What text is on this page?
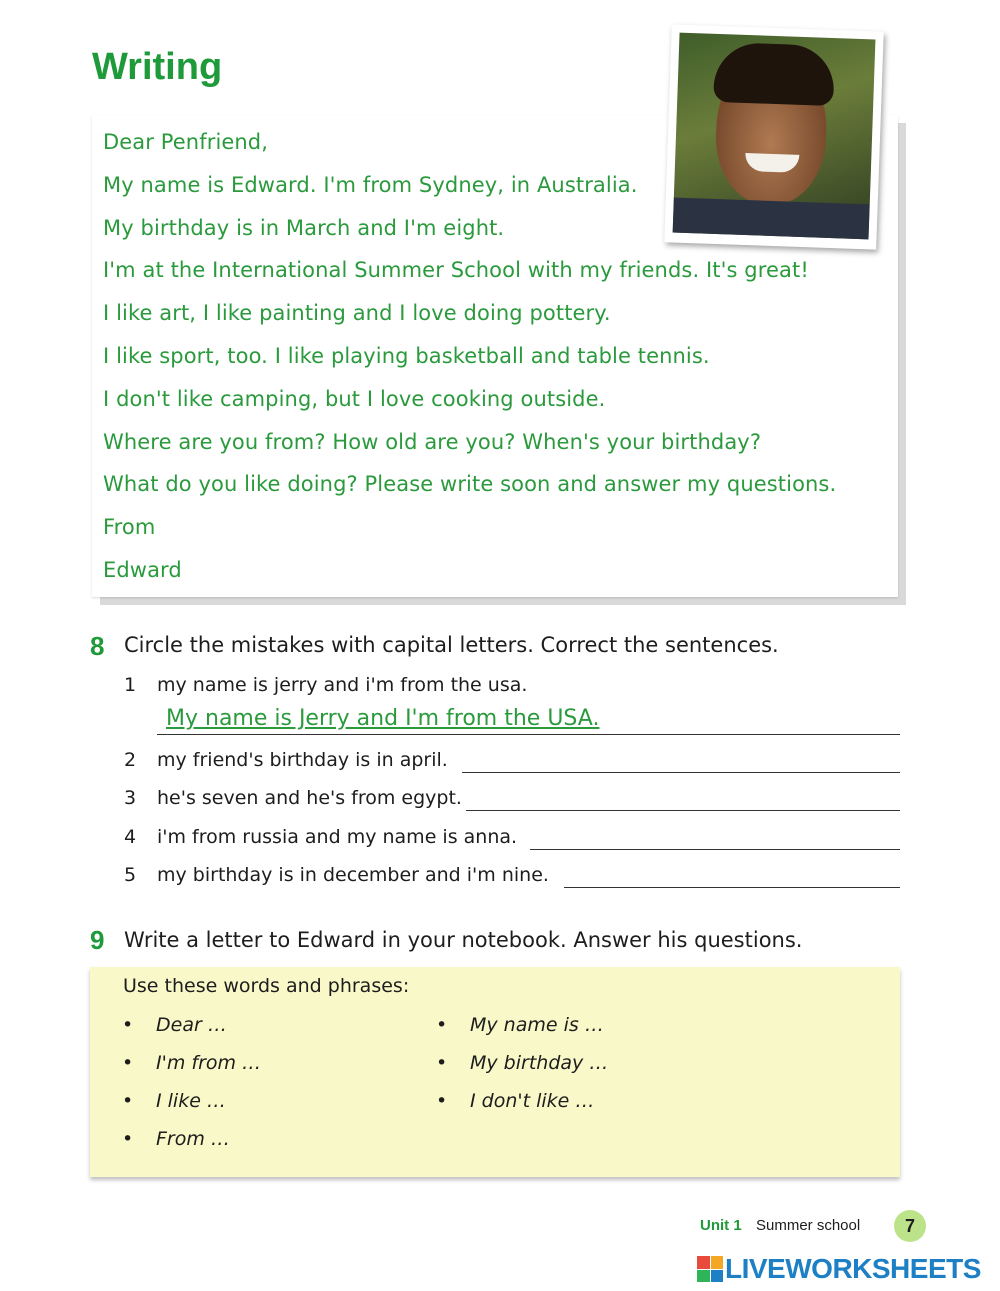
Writing
Dear Penfriend,
My name is Edward. I'm from Sydney, in Australia.
My birthday is in March and I'm eight.
I'm at the International Summer School with my friends. It's great!
I like art, I like painting and I love doing pottery.
I like sport, too. I like playing basketball and table tennis.
I don't like camping, but I love cooking outside.
Where are you from? How old are you? When's your birthday?
What do you like doing? Please write soon and answer my questions.
From
Edward
8 Circle the mistakes with capital letters. Correct the sentences.
1 my name is jerry and i'm from the usa.
My name is Jerry and I'm from the USA.
2 my friend's birthday is in april.
3 he's seven and he's from egypt.
4 i'm from russia and my name is anna.
5 my birthday is in december and i'm nine.
9 Write a letter to Edward in your notebook. Answer his questions.
Use these words and phrases:
• Dear …
• I'm from …
• I like …
• From …
• My name is …
• My birthday …
• I don't like …
Unit 1 Summer school	7
LIVEWORKSHEETS
